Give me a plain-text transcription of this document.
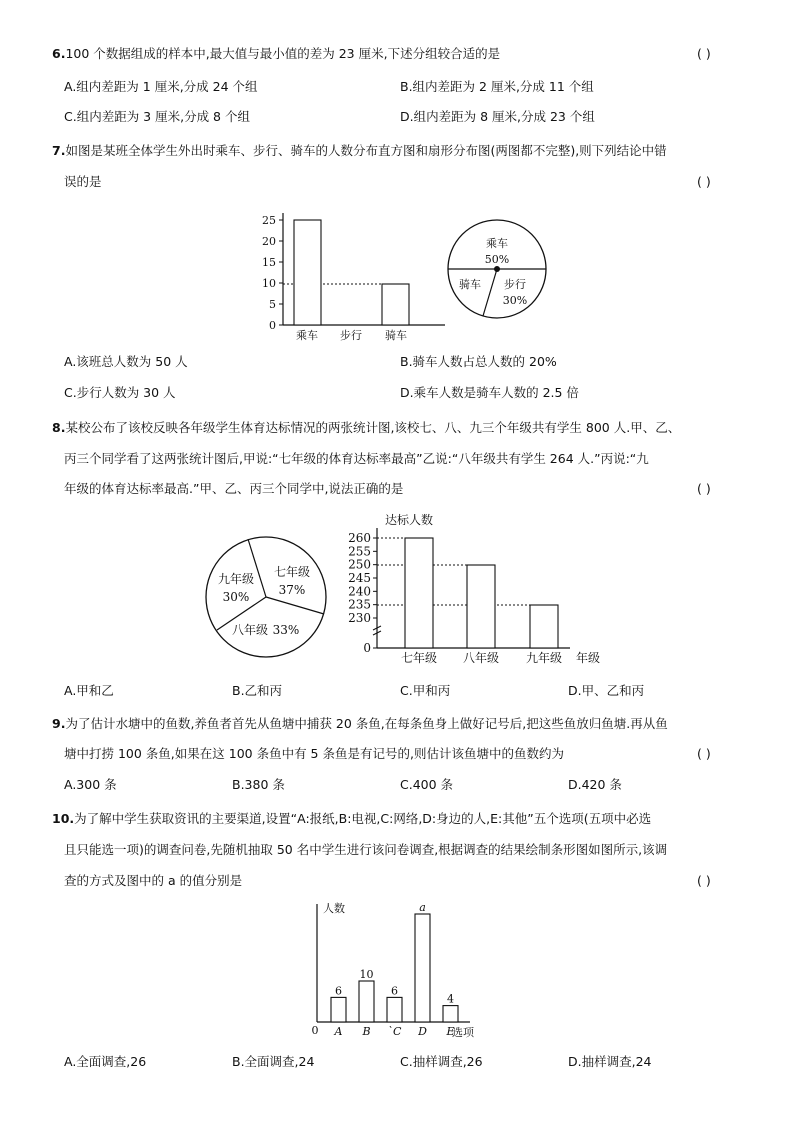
6.100 个数据组成的样本中,最大值与最小值的差为 23 厘米,下述分组较合适的是	( )
A.组内差距为 1 厘米,分成 24 个组	B.组内差距为 2 厘米,分成 11 个组
C.组内差距为 3 厘米,分成 8 个组	D.组内差距为 8 厘米,分成 23 个组
7.如图是某班全体学生外出时乘车、步行、骑车的人数分布直方图和扇形分布图(两图都不完整),则下列结论中错
误的是	( )
0
5
10
15
20
25
乘车 步行 骑车
乘车
50%
骑车 步行
30%
A.该班总人数为 50 人	B.骑车人数占总人数的 20%
C.步行人数为 30 人	D.乘车人数是骑车人数的 2.5 倍
8.某校公布了该校反映各年级学生体育达标情况的两张统计图,该校七、八、九三个年级共有学生 800 人.甲、乙、
丙三个同学看了这两张统计图后,甲说:“七年级的体育达标率最高”乙说:“八年级共有学生 264 人.”丙说:“九
年级的体育达标率最高.”甲、乙、丙三个同学中,说法正确的是	( )
七年级
37%
九年级
30%
八年级 33%
达标人数
0
230
235
240
245
250
255
260
七年级 八年级 九年级 年级
A.甲和乙	B.乙和丙	C.甲和丙	D.甲、乙和丙
9.为了估计水塘中的鱼数,养鱼者首先从鱼塘中捕获 20 条鱼,在每条鱼身上做好记号后,把这些鱼放归鱼塘.再从鱼
塘中打捞 100 条鱼,如果在这 100 条鱼中有 5 条鱼是有记号的,则估计该鱼塘中的鱼数约为	( )
A.300 条	B.380 条	C.400 条	D.420 条
10.为了解中学生获取资讯的主要渠道,设置“A:报纸,B:电视,C:网络,D:身边的人,E:其他”五个选项(五项中必选
且只能选一项)的调查问卷,先随机抽取 50 名中学生进行该问卷调查,根据调查的结果绘制条形图如图所示,该调
查的方式及图中的 a 的值分别是	( )
人数
0
6
A
10
B
6
`C
a
D
4
E
选项
A.全面调查,26	B.全面调查,24	C.抽样调查,26	D.抽样调查,24
